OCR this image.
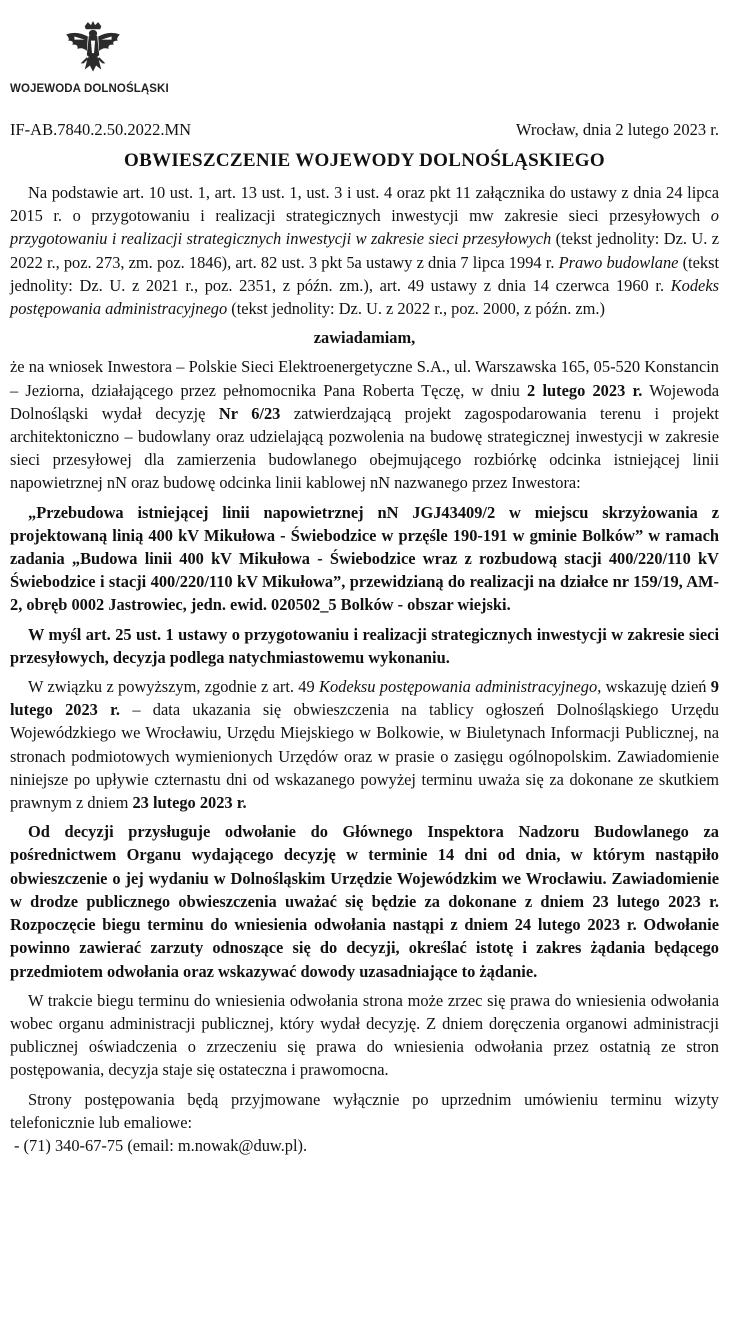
WOJEWODA DOLNOŚLĄSKI
IF-AB.7840.2.50.2022.MN	Wrocław, dnia 2 lutego 2023 r.
OBWIESZCZENIE WOJEWODY DOLNOŚLĄSKIEGO

Na podstawie art. 10 ust. 1, art. 13 ust. 1, ust. 3 i ust. 4 oraz pkt 11 załącznika do ustawy z dnia 24 lipca 2015 r. o przygotowaniu i realizacji strategicznych inwestycji mw zakresie sieci przesyłowych o przygotowaniu i realizacji strategicznych inwestycji w zakresie sieci przesyłowych (tekst jednolity: Dz. U. z 2022 r., poz. 273, zm. poz. 1846), art. 82 ust. 3 pkt 5a ustawy z dnia 7 lipca 1994 r. Prawo budowlane (tekst jednolity: Dz. U. z 2021 r., poz. 2351, z późn. zm.), art. 49 ustawy z dnia 14 czerwca 1960 r. Kodeks postępowania administracyjnego (tekst jednolity: Dz. U. z 2022 r., poz. 2000, z późn. zm.)

zawiadamiam,

że na wniosek Inwestora – Polskie Sieci Elektroenergetyczne S.A., ul. Warszawska 165, 05-520 Konstancin – Jeziorna, działającego przez pełnomocnika Pana Roberta Tęczę, w dniu 2 lutego 2023 r. Wojewoda Dolnośląski wydał decyzję Nr 6/23 zatwierdzającą projekt zagospodarowania terenu i projekt architektoniczno – budowlany oraz udzielającą pozwolenia na budowę strategicznej inwestycji w zakresie sieci przesyłowej dla zamierzenia budowlanego obejmującego rozbiórkę odcinka istniejącej linii napowietrznej nN oraz budowę odcinka linii kablowej nN nazwanego przez Inwestora:

„Przebudowa istniejącej linii napowietrznej nN JGJ43409/2 w miejscu skrzyżowania z projektowaną linią 400 kV Mikułowa - Świebodzice w przęśle 190-191 w gminie Bolków” w ramach zadania „Budowa linii 400 kV Mikułowa - Świebodzice wraz z rozbudową stacji 400/220/110 kV Świebodzice i stacji 400/220/110 kV Mikułowa”, przewidzianą do realizacji na działce nr 159/19, AM-2, obręb 0002 Jastrowiec, jedn. ewid. 020502_5 Bolków - obszar wiejski.

W myśl art. 25 ust. 1 ustawy o przygotowaniu i realizacji strategicznych inwestycji w zakresie sieci przesyłowych, decyzja podlega natychmiastowemu wykonaniu.

W związku z powyższym, zgodnie z art. 49 Kodeksu postępowania administracyjnego, wskazuję dzień 9 lutego 2023 r. – data ukazania się obwieszczenia na tablicy ogłoszeń Dolnośląskiego Urzędu Wojewódzkiego we Wrocławiu, Urzędu Miejskiego w Bolkowie, w Biuletynach Informacji Publicznej, na stronach podmiotowych wymienionych Urzędów oraz w prasie o zasięgu ogólnopolskim. Zawiadomienie niniejsze po upływie czternastu dni od wskazanego powyżej terminu uważa się za dokonane ze skutkiem prawnym z dniem 23 lutego 2023 r.

Od decyzji przysługuje odwołanie do Głównego Inspektora Nadzoru Budowlanego za pośrednictwem Organu wydającego decyzję w terminie 14 dni od dnia, w którym nastąpiło obwieszczenie o jej wydaniu w Dolnośląskim Urzędzie Wojewódzkim we Wrocławiu. Zawiadomienie w drodze publicznego obwieszczenia uważać się będzie za dokonane z dniem 23 lutego 2023 r. Rozpoczęcie biegu terminu do wniesienia odwołania nastąpi z dniem 24 lutego 2023 r. Odwołanie powinno zawierać zarzuty odnoszące się do decyzji, określać istotę i zakres żądania będącego przedmiotem odwołania oraz wskazywać dowody uzasadniające to żądanie.

W trakcie biegu terminu do wniesienia odwołania strona może zrzec się prawa do wniesienia odwołania wobec organu administracji publicznej, który wydał decyzję. Z dniem doręczenia organowi administracji publicznej oświadczenia o zrzeczeniu się prawa do wniesienia odwołania przez ostatnią ze stron postępowania, decyzja staje się ostateczna i prawomocna.

Strony postępowania będą przyjmowane wyłącznie po uprzednim umówieniu terminu wizyty telefonicznie lub emaliowe:

- (71) 340-67-75 (email: m.nowak@duw.pl).
